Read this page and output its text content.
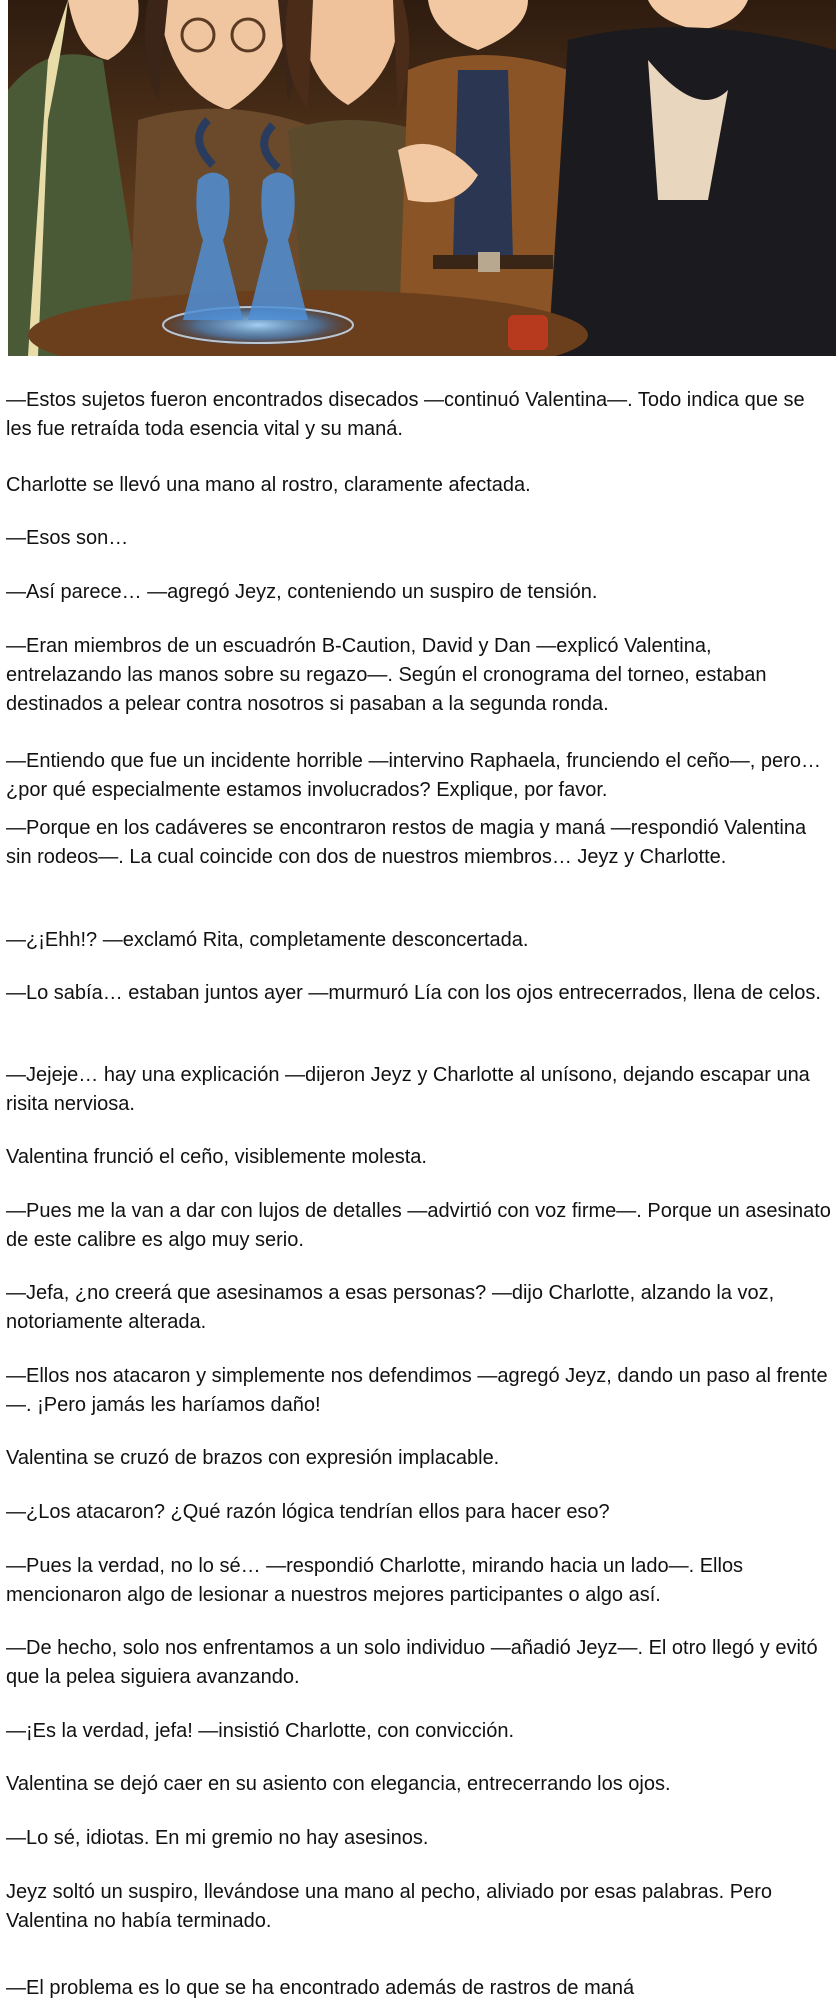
—Estos sujetos fueron encontrados disecados —continuó Valentina—. Todo indica que se les fue retraída toda esencia vital y su maná.

Charlotte se llevó una mano al rostro, claramente afectada.

—Esos son…

—Así parece… —agregó Jeyz, conteniendo un suspiro de tensión.

—Eran miembros de un escuadrón B-Caution, David y Dan —explicó Valentina, entrelazando las manos sobre su regazo—. Según el cronograma del torneo, estaban destinados a pelear contra nosotros si pasaban a la segunda ronda.

—Entiendo que fue un incidente horrible —intervino Raphaela, frunciendo el ceño—, pero… ¿por qué especialmente estamos involucrados? Explique, por favor.

—Porque en los cadáveres se encontraron restos de magia y maná —respondió Valentina sin rodeos—. La cual coincide con dos de nuestros miembros… Jeyz y Charlotte.

—¿¡Ehh!? —exclamó Rita, completamente desconcertada.

—Lo sabía… estaban juntos ayer —murmuró Lía con los ojos entrecerrados, llena de celos.

—Jejeje… hay una explicación —dijeron Jeyz y Charlotte al unísono, dejando escapar una risita nerviosa.

Valentina frunció el ceño, visiblemente molesta.

—Pues me la van a dar con lujos de detalles —advirtió con voz firme—. Porque un asesinato de este calibre es algo muy serio.

—Jefa, ¿no creerá que asesinamos a esas personas? —dijo Charlotte, alzando la voz, notoriamente alterada.

—Ellos nos atacaron y simplemente nos defendimos —agregó Jeyz, dando un paso al frente—. ¡Pero jamás les haríamos daño!

Valentina se cruzó de brazos con expresión implacable.

—¿Los atacaron? ¿Qué razón lógica tendrían ellos para hacer eso?

—Pues la verdad, no lo sé… —respondió Charlotte, mirando hacia un lado—. Ellos mencionaron algo de lesionar a nuestros mejores participantes o algo así.

—De hecho, solo nos enfrentamos a un solo individuo —añadió Jeyz—. El otro llegó y evitó que la pelea siguiera avanzando.

—¡Es la verdad, jefa! —insistió Charlotte, con convicción.

Valentina se dejó caer en su asiento con elegancia, entrecerrando los ojos.

—Lo sé, idiotas. En mi gremio no hay asesinos.

Jeyz soltó un suspiro, llevándose una mano al pecho, aliviado por esas palabras. Pero Valentina no había terminado.

—El problema es lo que se ha encontrado además de rastros de maná
